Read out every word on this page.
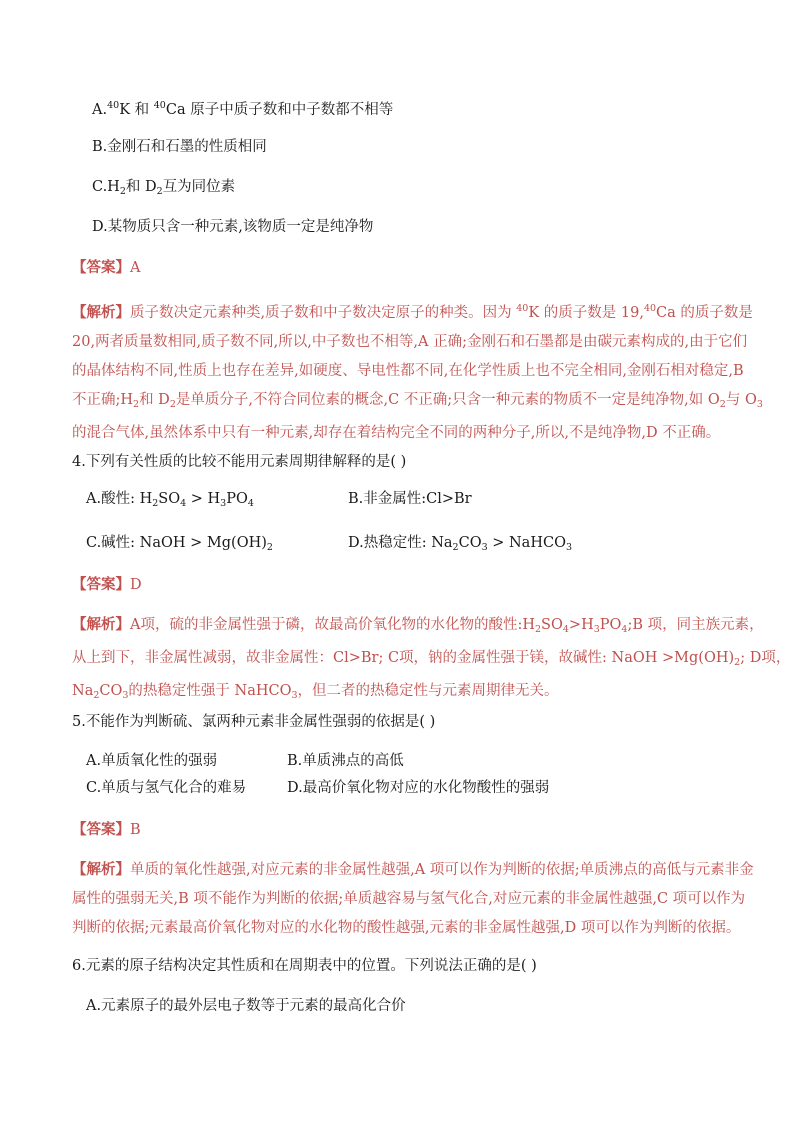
A.$^{40}$K 和 $^{40}$Ca 原子中质子数和中子数都不相等
B.金刚石和石墨的性质相同
$C.H_2$和 $D_2$互为同位素
D.某物质只含一种元素,该物质一定是纯净物
【答案】A
【解析】质子数决定元素种类,质子数和中子数决定原子的种类。因为 $^{40}$K 的质子数是 19,40Ca 的质子数是
20,两者质量数相同,质子数不同,所以,中子数也不相等,A 正确;金刚石和石墨都是由碳元素构成的,由于它们
的晶体结构不同,性质上也存在差异,如硬度、导电性都不同,在化学性质上也不完全相同,金刚石相对稳定,B
不正确$;H_2$和 $D_2$是单质分子,不符合同位素的概念,C 不正确;只含一种元素的物质不一定是纯净物,如 $O_2$与 $O_3$
的混合气体,虽然体系中只有一种元素,却存在着结构完全不同的两种分子,所以,不是纯净物,D 不正确。
4.下列有关性质的比较不能用元素周期律解释的是( )
A.酸性: $H_2SO_4 > H_3PO_4$	B.非金属性:Cl>Br
C.碱性: NaOH > $Mg(OH)_2$	D.热稳定性: $Na_2CO_3$ > NaHCO$_3$
【答案】D
【解析】A项，硫的非金属性强于磷，故最高价氧化物的水化物的酸性$:H_2SO_4>H_3PO_4;B$ 项，同主族元素，
从上到下，非金属性减弱，故非金属性：Cl>Br; C项，钠的金属性强于镁，故碱性: NaOH $>Mg(OH)_2$; D项，
$Na_2CO_3$的热稳定性强于 NaHCO$_3$，但二者的热稳定性与元素周期律无关。
5.不能作为判断硫、氯两种元素非金属性强弱的依据是( )
A.单质氧化性的强弱	B.单质沸点的高低
C.单质与氢气化合的难易	D.最高价氧化物对应的水化物酸性的强弱
【答案】B
【解析】单质的氧化性越强,对应元素的非金属性越强,A 项可以作为判断的依据;单质沸点的高低与元素非金
属性的强弱无关,B 项不能作为判断的依据;单质越容易与氢气化合,对应元素的非金属性越强,C 项可以作为
判断的依据;元素最高价氧化物对应的水化物的酸性越强,元素的非金属性越强,D 项可以作为判断的依据。
6.元素的原子结构决定其性质和在周期表中的位置。下列说法正确的是( )
A.元素原子的最外层电子数等于元素的最高化合价
